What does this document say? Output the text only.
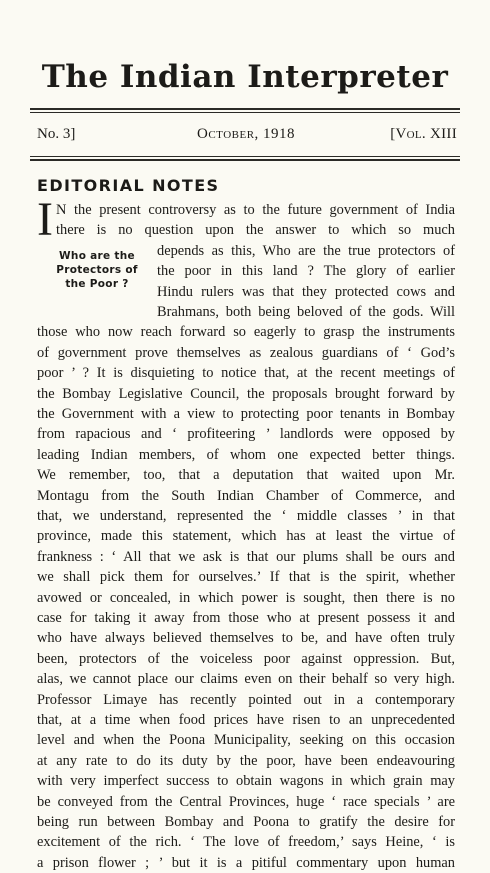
The Indian Interpreter
No. 3]	October, 1918	[Vol. XIII
EDITORIAL NOTES
I
Who are the
Protectors of
the Poor ?
N the present controversy as to the future government of India
there is no question upon the answer to which so much
depends as this, Who are the true protectors of
the poor in this land ? The glory of earlier
Hindu rulers was that they protected cows and
Brahmans, both being beloved of the gods. Will
those who now reach forward so eagerly to grasp the instruments
of government prove themselves as zealous guardians of ‘ God’s
poor ’ ? It is disquieting to notice that, at the recent meetings of
the Bombay Legislative Council, the proposals brought forward by
the Government with a view to protecting poor tenants in Bombay
from rapacious and ‘ profiteering ’ landlords were opposed by
leading Indian members, of whom one expected better things.
We remember, too, that a deputation that waited upon Mr.
Montagu from the South Indian Chamber of Commerce, and
that, we understand, represented the ‘ middle classes ’ in that
province, made this statement, which has at least the virtue of
frankness : ‘ All that we ask is that our plums shall be ours and
we shall pick them for ourselves.’ If that is the spirit, whether
avowed or concealed, in which power is sought, then there is no
case for taking it away from those who at present possess it and
who have always believed themselves to be, and have often truly
been, protectors of the voiceless poor against oppression. But,
alas, we cannot place our claims even on their behalf so very high.
Professor Limaye has recently pointed out in a contemporary
that, at a time when food prices have risen to an unprecedented
level and when the Poona Municipality, seeking on this occasion
at any rate to do its duty by the poor, have been endeavouring
with very imperfect success to obtain wagons in which grain may
be conveyed from the Central Provinces, huge ‘ race specials ’ are
being run between Bombay and Poona to gratify the desire for
excitement of the rich. ‘ The love of freedom,’ says Heine, ‘ is
a prison flower ; ’ but it is a pitiful commentary upon human
